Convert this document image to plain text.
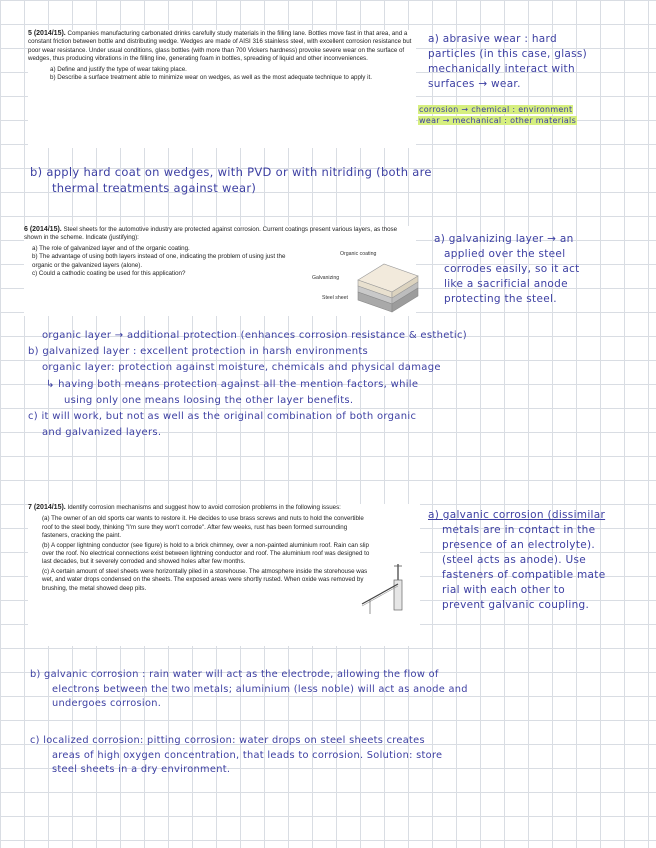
5 (2014/15). Companies manufacturing carbonated drinks carefully study materials in the filling lane. Bottles move fast in that area, and a constant friction between bottle and distributing wedge. Wedges are made of AISI 316 stainless steel, with excellent corrosion resistance but poor wear resistance. Under usual conditions, glass bottles (with more than 700 Vickers hardness) provoke severe wear on the surface of wedges, thus producing vibrations in the filling line, generating foam in bottles, spreading of liquid and other inconveniences.
a) Define and justify the type of wear taking place.
b) Describe a surface treatment able to minimize wear on wedges, as well as the most adequate technique to apply it.
a) abrasive wear : hard
particles (in this case, glass)
mechanically interact with
surfaces → wear.
corrosion → chemical : environment
wear → mechanical : other materials
b) apply hard coat on wedges, with PVD or with nitriding (both are
thermal treatments against wear)
6 (2014/15). Steel sheets for the automotive industry are protected against corrosion. Current coatings present various layers, as those shown in the scheme. Indicate (justifying):
a) The role of galvanized layer and of the organic coating.
b) The advantage of using both layers instead of one, indicating the problem of using just the organic or the galvanized layers (alone).
c) Could a cathodic coating be used for this application?
Organic coating
Galvanizing
Steel sheet
a) galvanizing layer → an
applied over the steel
corrodes easily, so it act
like a sacrificial anode
protecting the steel.
organic layer → additional protection (enhances corrosion resistance & esthetic)
b) galvanized layer : excellent protection in harsh environments
organic layer: protection against moisture, chemicals and physical damage
↳ having both means protection against all the mention factors, while
using only one means loosing the other layer benefits.
c) it will work, but not as well as the original combination of both organic
and galvanized layers.
7 (2014/15). Identify corrosion mechanisms and suggest how to avoid corrosion problems in the following issues:
(a) The owner of an old sports car wants to restore it. He decides to use brass screws and nuts to hold the convertible roof to the steel body, thinking "I'm sure they won't corrode". After few weeks, rust has been formed surrounding fasteners, cracking the paint.
(b) A copper lightning conductor (see figure) is hold to a brick chimney, over a non-painted aluminium roof. Rain can slip over the roof. No electrical connections exist between lightning conductor and roof. The aluminium roof was designed to last decades, but it severely corroded and showed holes after few months.
(c) A certain amount of steel sheets were horizontally piled in a storehouse. The atmosphere inside the storehouse was wet, and water drops condensed on the sheets. The exposed areas were shortly rusted. When oxide was removed by brushing, the metal showed deep pits.
a) galvanic corrosion (dissimilar
metals are in contact in the
presence of an electrolyte).
(steel acts as anode). Use
fasteners of compatible mate
rial with each other to
prevent galvanic coupling.
b) galvanic corrosion : rain water will act as the electrode, allowing the flow of
electrons between the two metals; aluminium (less noble) will act as anode and
undergoes corrosion.
c) localized corrosion: pitting corrosion: water drops on steel sheets creates
areas of high oxygen concentration, that leads to corrosion. Solution: store
steel sheets in a dry environment.
